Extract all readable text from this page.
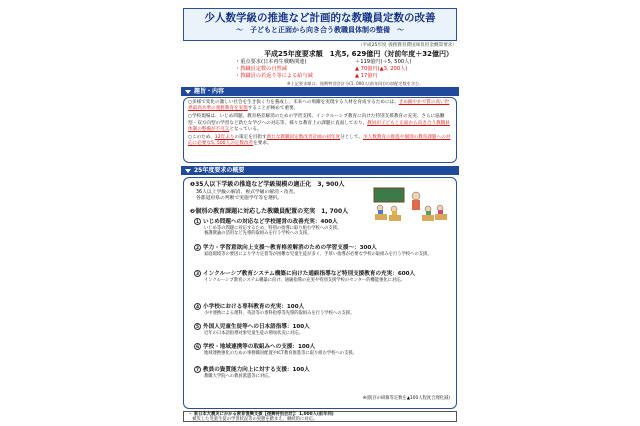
少人数学級の推進など計画的な教職員定数の改善
～　子どもと正面から向き合う教職員体制の整備　～
（平成25年度 義務教育費国庫負担金概算要求）
平成25年度要求額　1兆5, 629億円（対前年度＋32億円）
・重点要求(日本再生戦略関連)	＋119億円(＋5, 500人)
・教職員定数の自然減	▲ 70億円(▲3, 200人)
・教職員の若返り等による給与減	▲ 17億円
※上記要求額は、復興特別会計分(1, 000人(前年同))の加配定数を含む。
趣旨・内容
○多様で変化の激しい社会を生き抜く力を養成し、未来への飛躍を実現する人材を育成するためには、きめ細やかで質の高い世界最高水準の義務教育を実現することが極めて重要。
○学校現場は、いじめ問題、教育格差解消のための学習支援、インクルーシブ教育に向けた特別支援教育の充実、さらに協働型・双方向型の学習など新たな学びへの対応等、様々な教育上の課題に直面しており、教員が子どもと正面から向き合う教職員体制の整備が不可欠となっている。
○このため、12年ぶりの策定を目指す新たな教職員定数改善計画の初年度分として、少人数教育の推進や個別の教育課題への対応に必要な5, 500人の定数改善を要求。
25年度要求の概要
❶35人以下学級の推進など学級規模の適正化　3, 900人
36人以上学級の解消、複式学級の解消・改善。
各都道府県の判断で実施学年等を選択。
❷個別の教育課題に対応した教職員配置の充実　1, 700人
1 いじめ問題への対応など学校運営の改善充実：400人
いじめ等の問題に対応するため、特別の指導に取り組む学校への支援。
養護教諭の活用など先導的取組みを行う学校への支援。
2 学力・学習意欲向上支援～教育格差解消のための学習支援～：300人
家庭環境等の要因により学力定着等が困難な児童生徒が多く、手厚い指導が必要な学校の取組みを行う学校への支援。
3 インクルーシブ教育システム構築に向けた通級指導など特別支援教育の充実：600人
インクルーシブ教育システム構築に向け、通級指導の充実や特別支援学校のセンター的機能強化に対応。
4 小学校における専科教育の充実：100人
小中連携による理科、英語等の専科指導等先導的取組みを行う学校への支援。
5 外国人児童生徒等への日本語指導：100人
近年の日本語指導対象児童生徒の増加状況に対応。
6 学校・地域連携等の取組みへの支援：100人
地域連携強化のための事務職員配置やICT教育推進等に取り組む学校への支援。
7 教員の資質能力向上に対する支援：100人
教職大学院への教員派遣等に対応。
※(既存の研修等定数を▲100人程度合理化減)
・ 東日本大震災にかかる教育復興支援【復興特別会計】：1,000人(前年同)
　被災した児童生徒の学習状況等の実態を踏まえ、継続的に対応。
